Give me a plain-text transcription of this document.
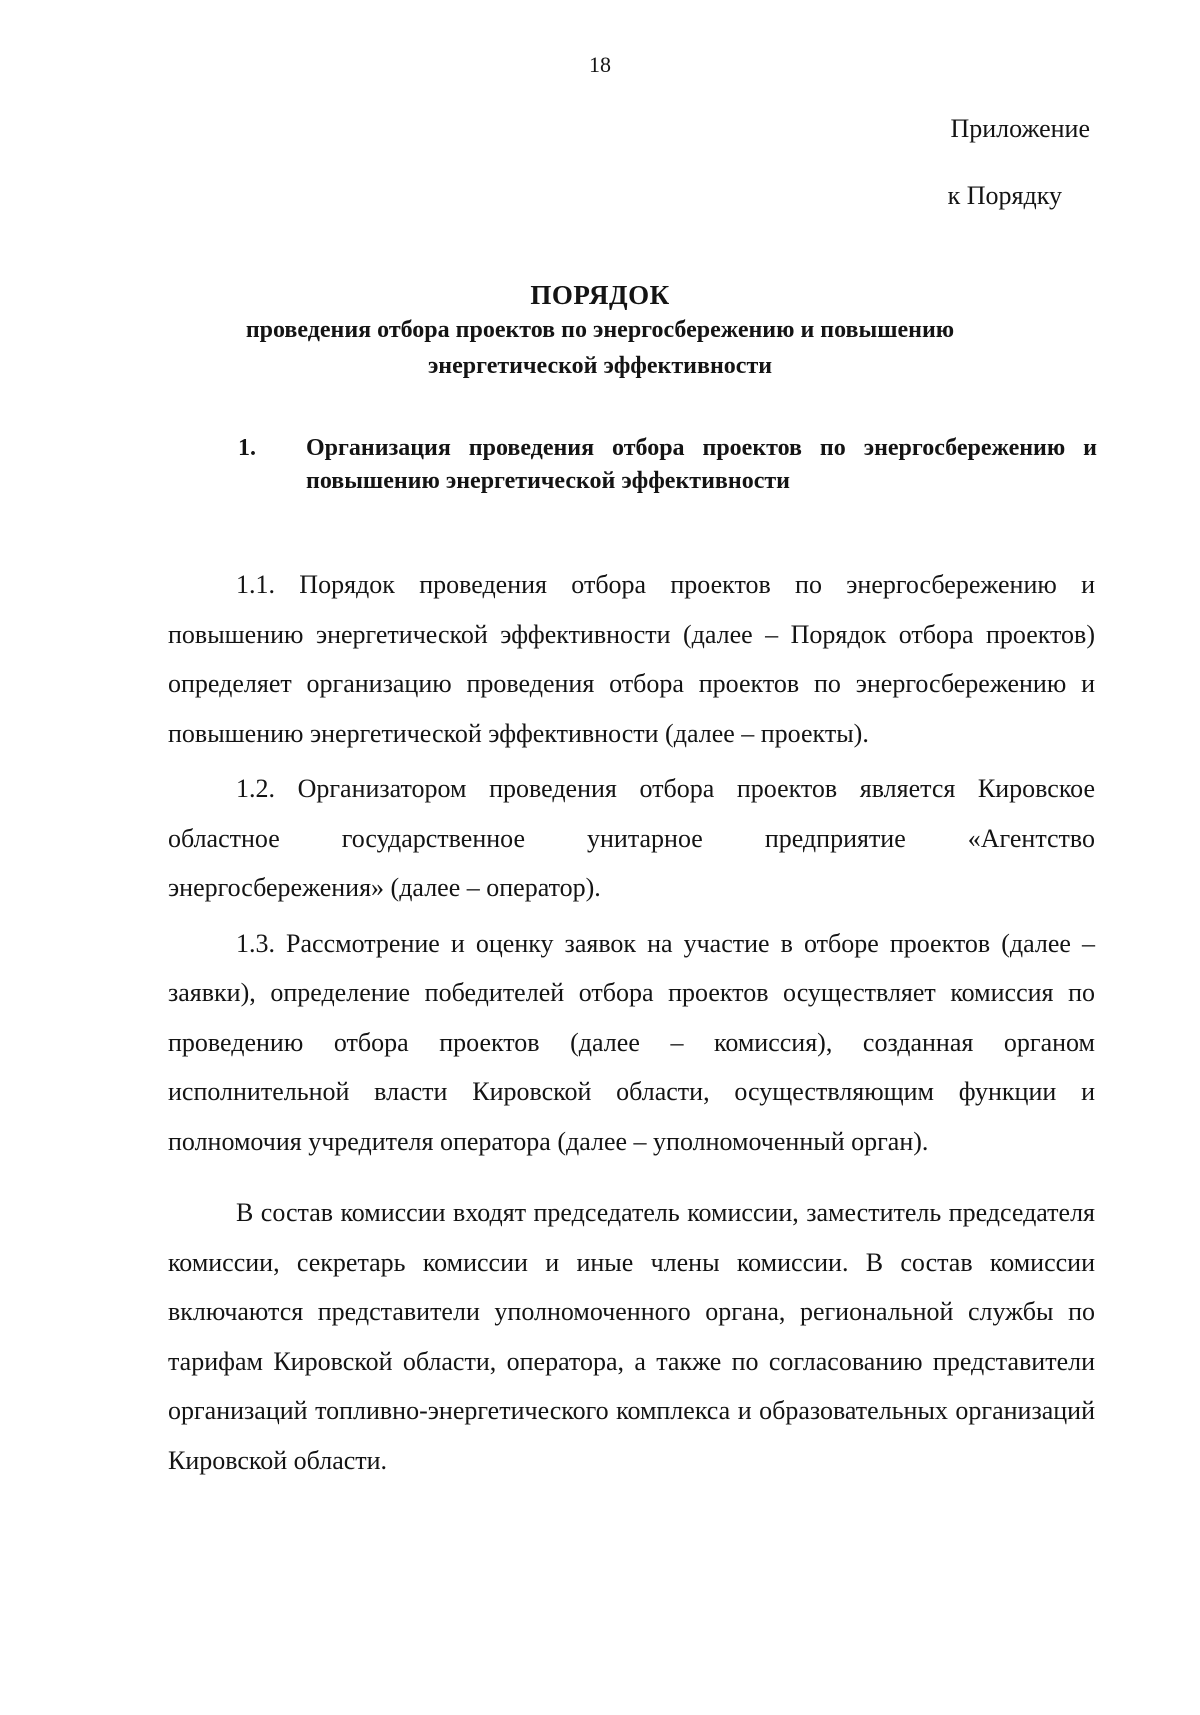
18
Приложение
к Порядку
ПОРЯДОК
проведения отбора проектов по энергосбережению и повышению энергетической эффективности
1. Организация проведения отбора проектов по энергосбережению и повышению энергетической эффективности

1.1. Порядок проведения отбора проектов по энергосбережению и повышению энергетической эффективности (далее – Порядок отбора проектов) определяет организацию проведения отбора проектов по энергосбережению и повышению энергетической эффективности (далее – проекты).

1.2. Организатором проведения отбора проектов является Кировское областное государственное унитарное предприятие «Агентство энергосбережения» (далее – оператор).

1.3. Рассмотрение и оценку заявок на участие в отборе проектов (далее – заявки), определение победителей отбора проектов осуществляет комиссия по проведению отбора проектов (далее – комиссия), созданная органом исполнительной власти Кировской области, осуществляющим функции и полномочия учредителя оператора (далее – уполномоченный орган).

В состав комиссии входят председатель комиссии, заместитель председателя комиссии, секретарь комиссии и иные члены комиссии. В состав комиссии включаются представители уполномоченного органа, региональной службы по тарифам Кировской области, оператора, а также по согласованию представители организаций топливно-энергетического комплекса и образовательных организаций Кировской области.
